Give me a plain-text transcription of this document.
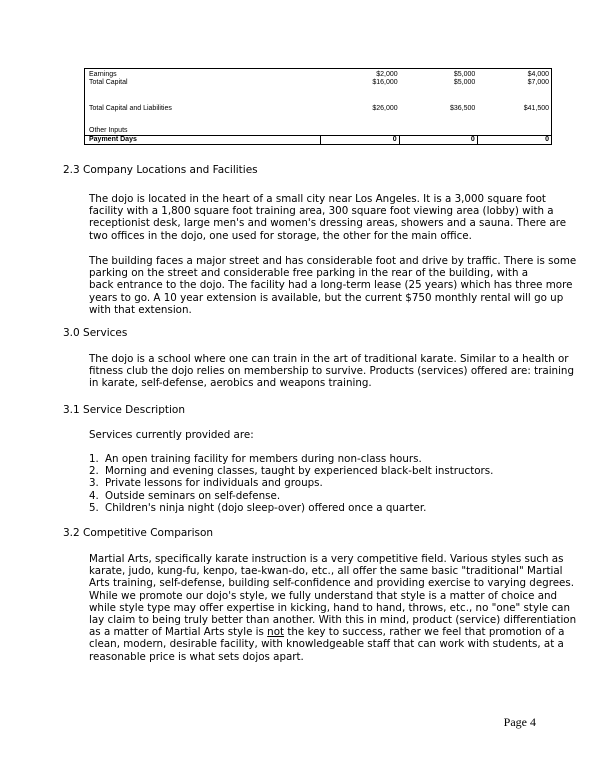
Earnings	$2,000	$5,000	$4,000
Total Capital	$16,000	$5,000	$7,000
Total Capital and Liabilities	$26,000	$36,500	$41,500
Other Inputs
Payment Days	0	0	0
2.3 Company Locations and Facilities
The dojo is located in the heart of a small city near Los Angeles. It is a 3,000 square foot
facility with a 1,800 square foot training area, 300 square foot viewing area (lobby) with a
receptionist desk, large men's and women's dressing areas, showers and a sauna. There are
two offices in the dojo, one used for storage, the other for the main office.
The building faces a major street and has considerable foot and drive by traffic. There is some
parking on the street and considerable free parking in the rear of the building, with a
back entrance to the dojo. The facility had a long-term lease (25 years) which has three more
years to go. A 10 year extension is available, but the current $750 monthly rental will go up
with that extension.
3.0 Services
The dojo is a school where one can train in the art of traditional karate. Similar to a health or
fitness club the dojo relies on membership to survive. Products (services) offered are: training
in karate, self-defense, aerobics and weapons training.
3.1 Service Description
Services currently provided are:
1. An open training facility for members during non-class hours.
2. Morning and evening classes, taught by experienced black-belt instructors.
3. Private lessons for individuals and groups.
4. Outside seminars on self-defense.
5. Children's ninja night (dojo sleep-over) offered once a quarter.
3.2 Competitive Comparison
Martial Arts, specifically karate instruction is a very competitive field. Various styles such as
karate, judo, kung-fu, kenpo, tae-kwan-do, etc., all offer the same basic "traditional" Martial
Arts training, self-defense, building self-confidence and providing exercise to varying degrees.
While we promote our dojo's style, we fully understand that style is a matter of choice and
while style type may offer expertise in kicking, hand to hand, throws, etc., no "one" style can
lay claim to being truly better than another. With this in mind, product (service) differentiation
as a matter of Martial Arts style is not the key to success, rather we feel that promotion of a
clean, modern, desirable facility, with knowledgeable staff that can work with students, at a
reasonable price is what sets dojos apart.
Page 4
